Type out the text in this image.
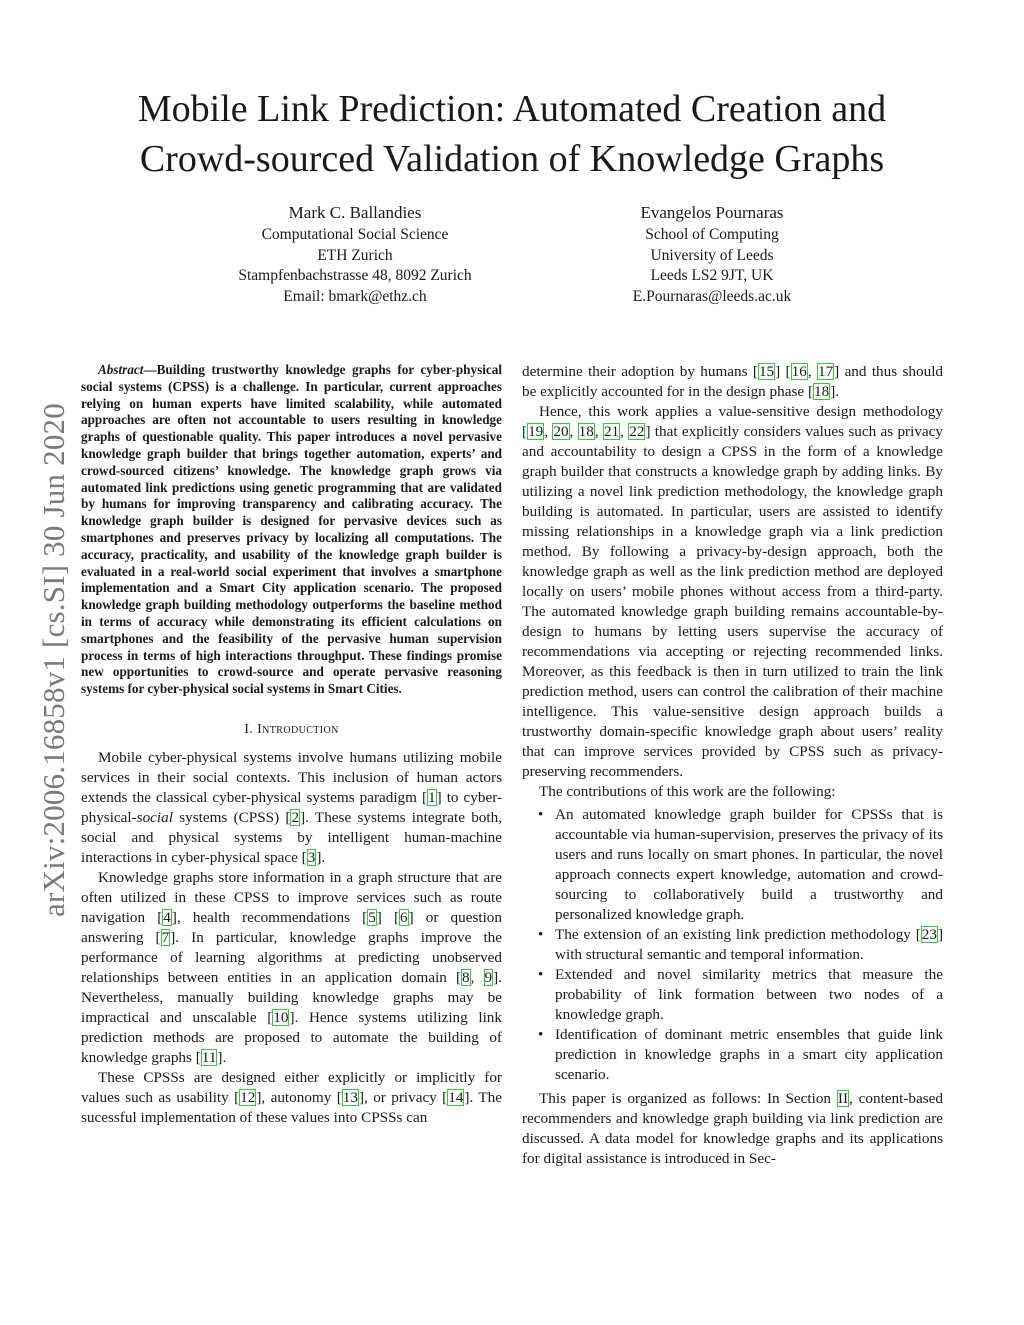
Mobile Link Prediction: Automated Creation and
Crowd-sourced Validation of Knowledge Graphs
Mark C. Ballandies
Computational Social Science
ETH Zurich
Stampfenbachstrasse 48, 8092 Zurich
Email: bmark@ethz.ch
Evangelos Pournaras
School of Computing
University of Leeds
Leeds LS2 9JT, UK
E.Pournaras@leeds.ac.uk
arXiv:2006.16858v1 [cs.SI] 30 Jun 2020
Abstract—Building trustworthy knowledge graphs for cyber-physical social systems (CPSS) is a challenge. In particular, current approaches relying on human experts have limited scalability, while automated approaches are often not accountable to users resulting in knowledge graphs of questionable quality. This paper introduces a novel pervasive knowledge graph builder that brings together automation, experts’ and crowd-sourced citizens’ knowledge. The knowledge graph grows via automated link predictions using genetic programming that are validated by humans for improving transparency and calibrating accuracy. The knowledge graph builder is designed for pervasive devices such as smartphones and preserves privacy by localizing all computations. The accuracy, practicality, and usability of the knowledge graph builder is evaluated in a real-world social experiment that involves a smartphone implementation and a Smart City application scenario. The proposed knowledge graph building methodology outperforms the baseline method in terms of accuracy while demonstrating its efficient calculations on smartphones and the feasibility of the pervasive human supervision process in terms of high interactions throughput. These findings promise new opportunities to crowd-source and operate pervasive reasoning systems for cyber-physical social systems in Smart Cities.
I. Introduction

Mobile cyber-physical systems involve humans utilizing mobile services in their social contexts. This inclusion of human actors extends the classical cyber-physical systems paradigm [1] to cyber-physical-social systems (CPSS) [2]. These systems integrate both, social and physical systems by intelligent human-machine interactions in cyber-physical space [3].

Knowledge graphs store information in a graph structure that are often utilized in these CPSS to improve services such as route navigation [4], health recommendations [5] [6] or question answering [7]. In particular, knowledge graphs improve the performance of learning algorithms at predicting unobserved relationships between entities in an application domain [8, 9]. Nevertheless, manually building knowledge graphs may be impractical and unscalable [10]. Hence systems utilizing link prediction methods are proposed to automate the building of knowledge graphs [11].

These CPSSs are designed either explicitly or implicitly for values such as usability [12], autonomy [13], or privacy [14]. The sucessful implementation of these values into CPSSs can

determine their adoption by humans [15] [16, 17] and thus should be explicitly accounted for in the design phase [18].

Hence, this work applies a value-sensitive design methodology [19, 20, 18, 21, 22] that explicitly considers values such as privacy and accountability to design a CPSS in the form of a knowledge graph builder that constructs a knowledge graph by adding links. By utilizing a novel link prediction methodology, the knowledge graph building is automated. In particular, users are assisted to identify missing relationships in a knowledge graph via a link prediction method. By following a privacy-by-design approach, both the knowledge graph as well as the link prediction method are deployed locally on users’ mobile phones without access from a third-party. The automated knowledge graph building remains accountable-by-design to humans by letting users supervise the accuracy of recommendations via accepting or rejecting recommended links. Moreover, as this feedback is then in turn utilized to train the link prediction method, users can control the calibration of their machine intelligence. This value-sensitive design approach builds a trustworthy domain-specific knowledge graph about users’ reality that can improve services provided by CPSS such as privacy-preserving recommenders.

The contributions of this work are the following:

• An automated knowledge graph builder for CPSSs that is accountable via human-supervision, preserves the privacy of its users and runs locally on smart phones. In particular, the novel approach connects expert knowledge, automation and crowd-sourcing to collaboratively build a trustworthy and personalized knowledge graph.
• The extension of an existing link prediction methodology [23] with structural semantic and temporal information.
• Extended and novel similarity metrics that measure the probability of link formation between two nodes of a knowledge graph.
• Identification of dominant metric ensembles that guide link prediction in knowledge graphs in a smart city application scenario.

This paper is organized as follows: In Section II, content-based recommenders and knowledge graph building via link prediction are discussed. A data model for knowledge graphs and its applications for digital assistance is introduced in Sec-
